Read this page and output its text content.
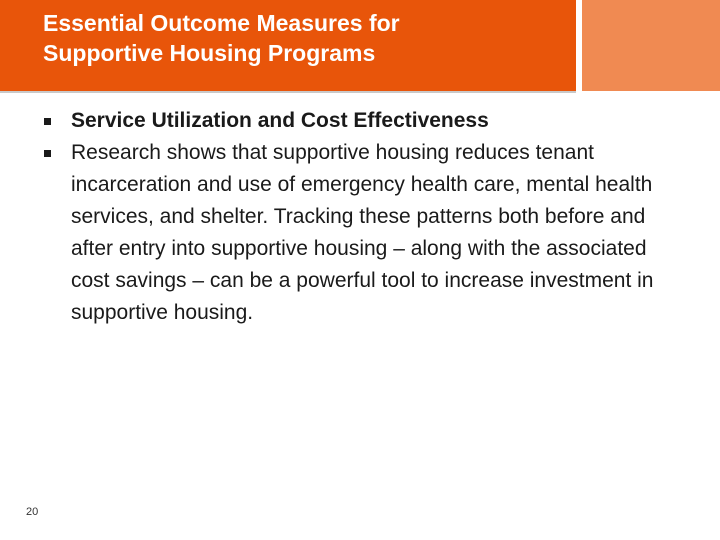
Essential Outcome Measures for
Supportive Housing Programs
Service Utilization and Cost Effectiveness
Research shows that supportive housing reduces tenant incarceration and use of emergency health care, mental health services, and shelter. Tracking these patterns both before and after entry into supportive housing – along with the associated cost savings – can be a powerful tool to increase investment in supportive housing.
20
